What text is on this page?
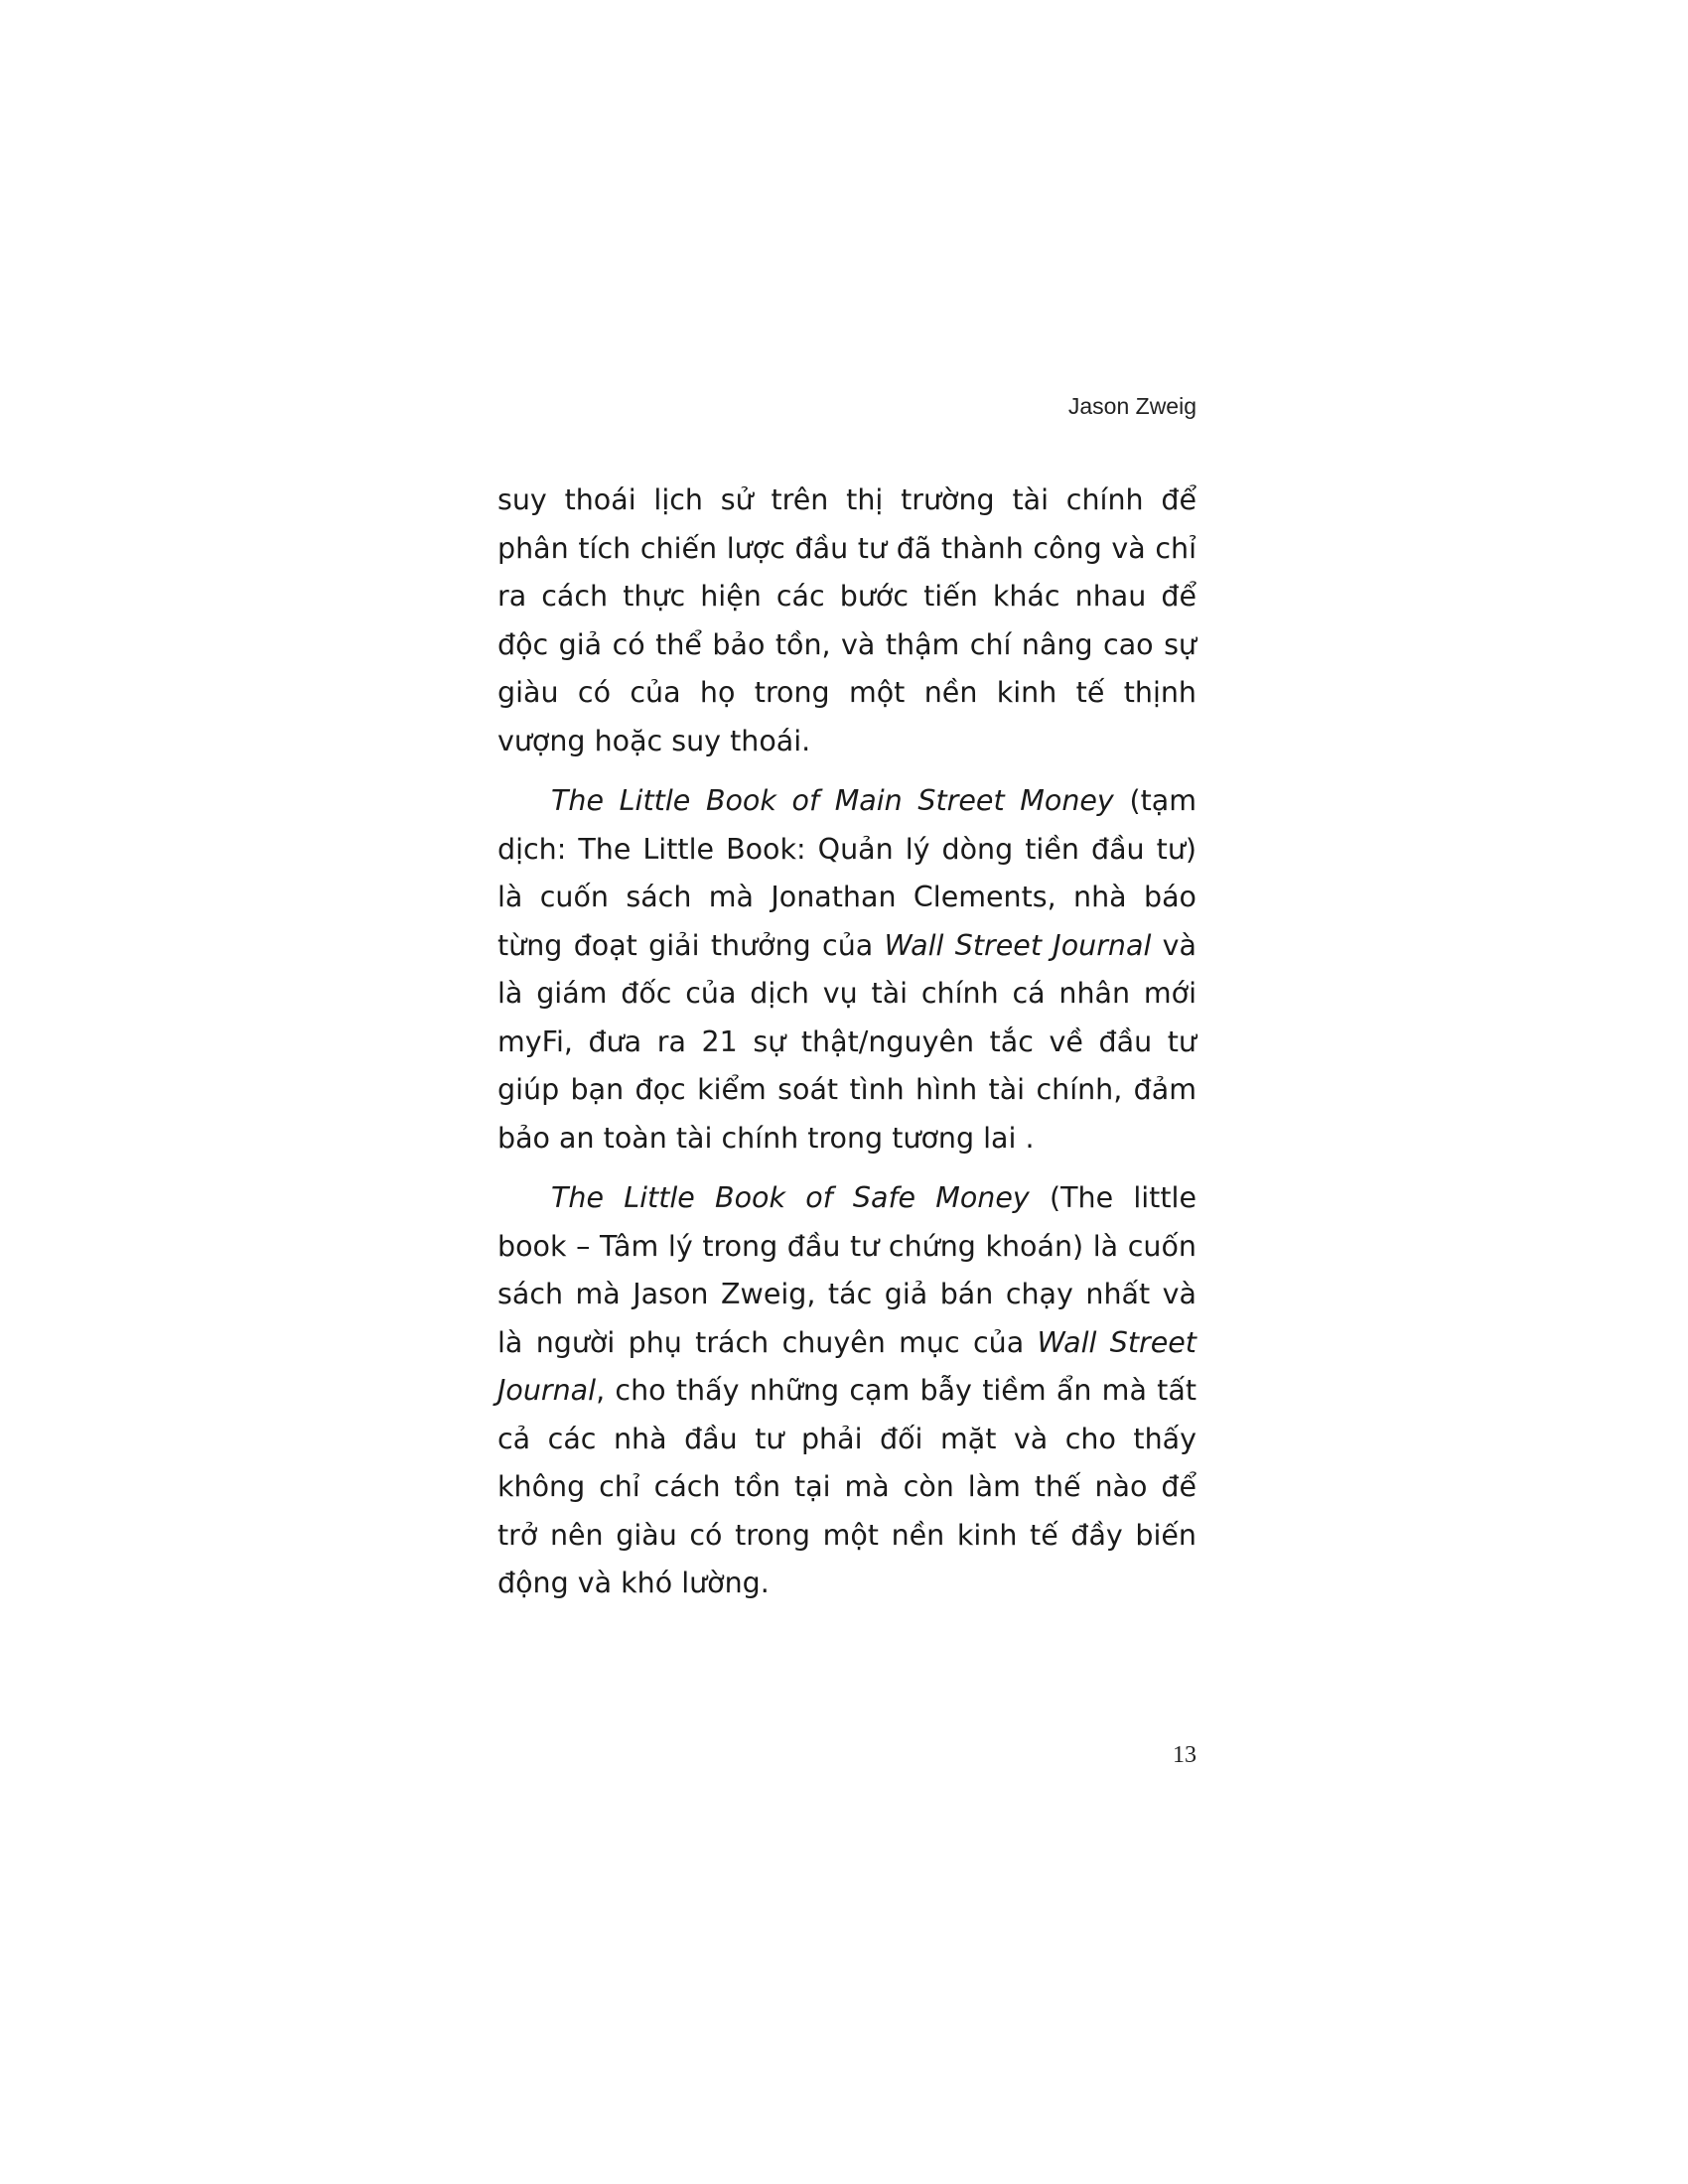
Jason Zweig

suy thoái lịch sử trên thị trường tài chính để phân tích chiến lược đầu tư đã thành công và chỉ ra cách thực hiện các bước tiến khác nhau để độc giả có thể bảo tồn, và thậm chí nâng cao sự giàu có của họ trong một nền kinh tế thịnh vượng hoặc suy thoái.

The Little Book of Main Street Money (tạm dịch: The Little Book: Quản lý dòng tiền đầu tư) là cuốn sách mà Jonathan Clements, nhà báo từng đoạt giải thưởng của Wall Street Journal và là giám đốc của dịch vụ tài chính cá nhân mới myFi, đưa ra 21 sự thật/nguyên tắc về đầu tư giúp bạn đọc kiểm soát tình hình tài chính, đảm bảo an toàn tài chính trong tương lai .

The Little Book of Safe Money (The little book – Tâm lý trong đầu tư chứng khoán) là cuốn sách mà Jason Zweig, tác giả bán chạy nhất và là người phụ trách chuyên mục của Wall Street Journal, cho thấy những cạm bẫy tiềm ẩn mà tất cả các nhà đầu tư phải đối mặt và cho thấy không chỉ cách tồn tại mà còn làm thế nào để trở nên giàu có trong một nền kinh tế đầy biến động và khó lường.

13
